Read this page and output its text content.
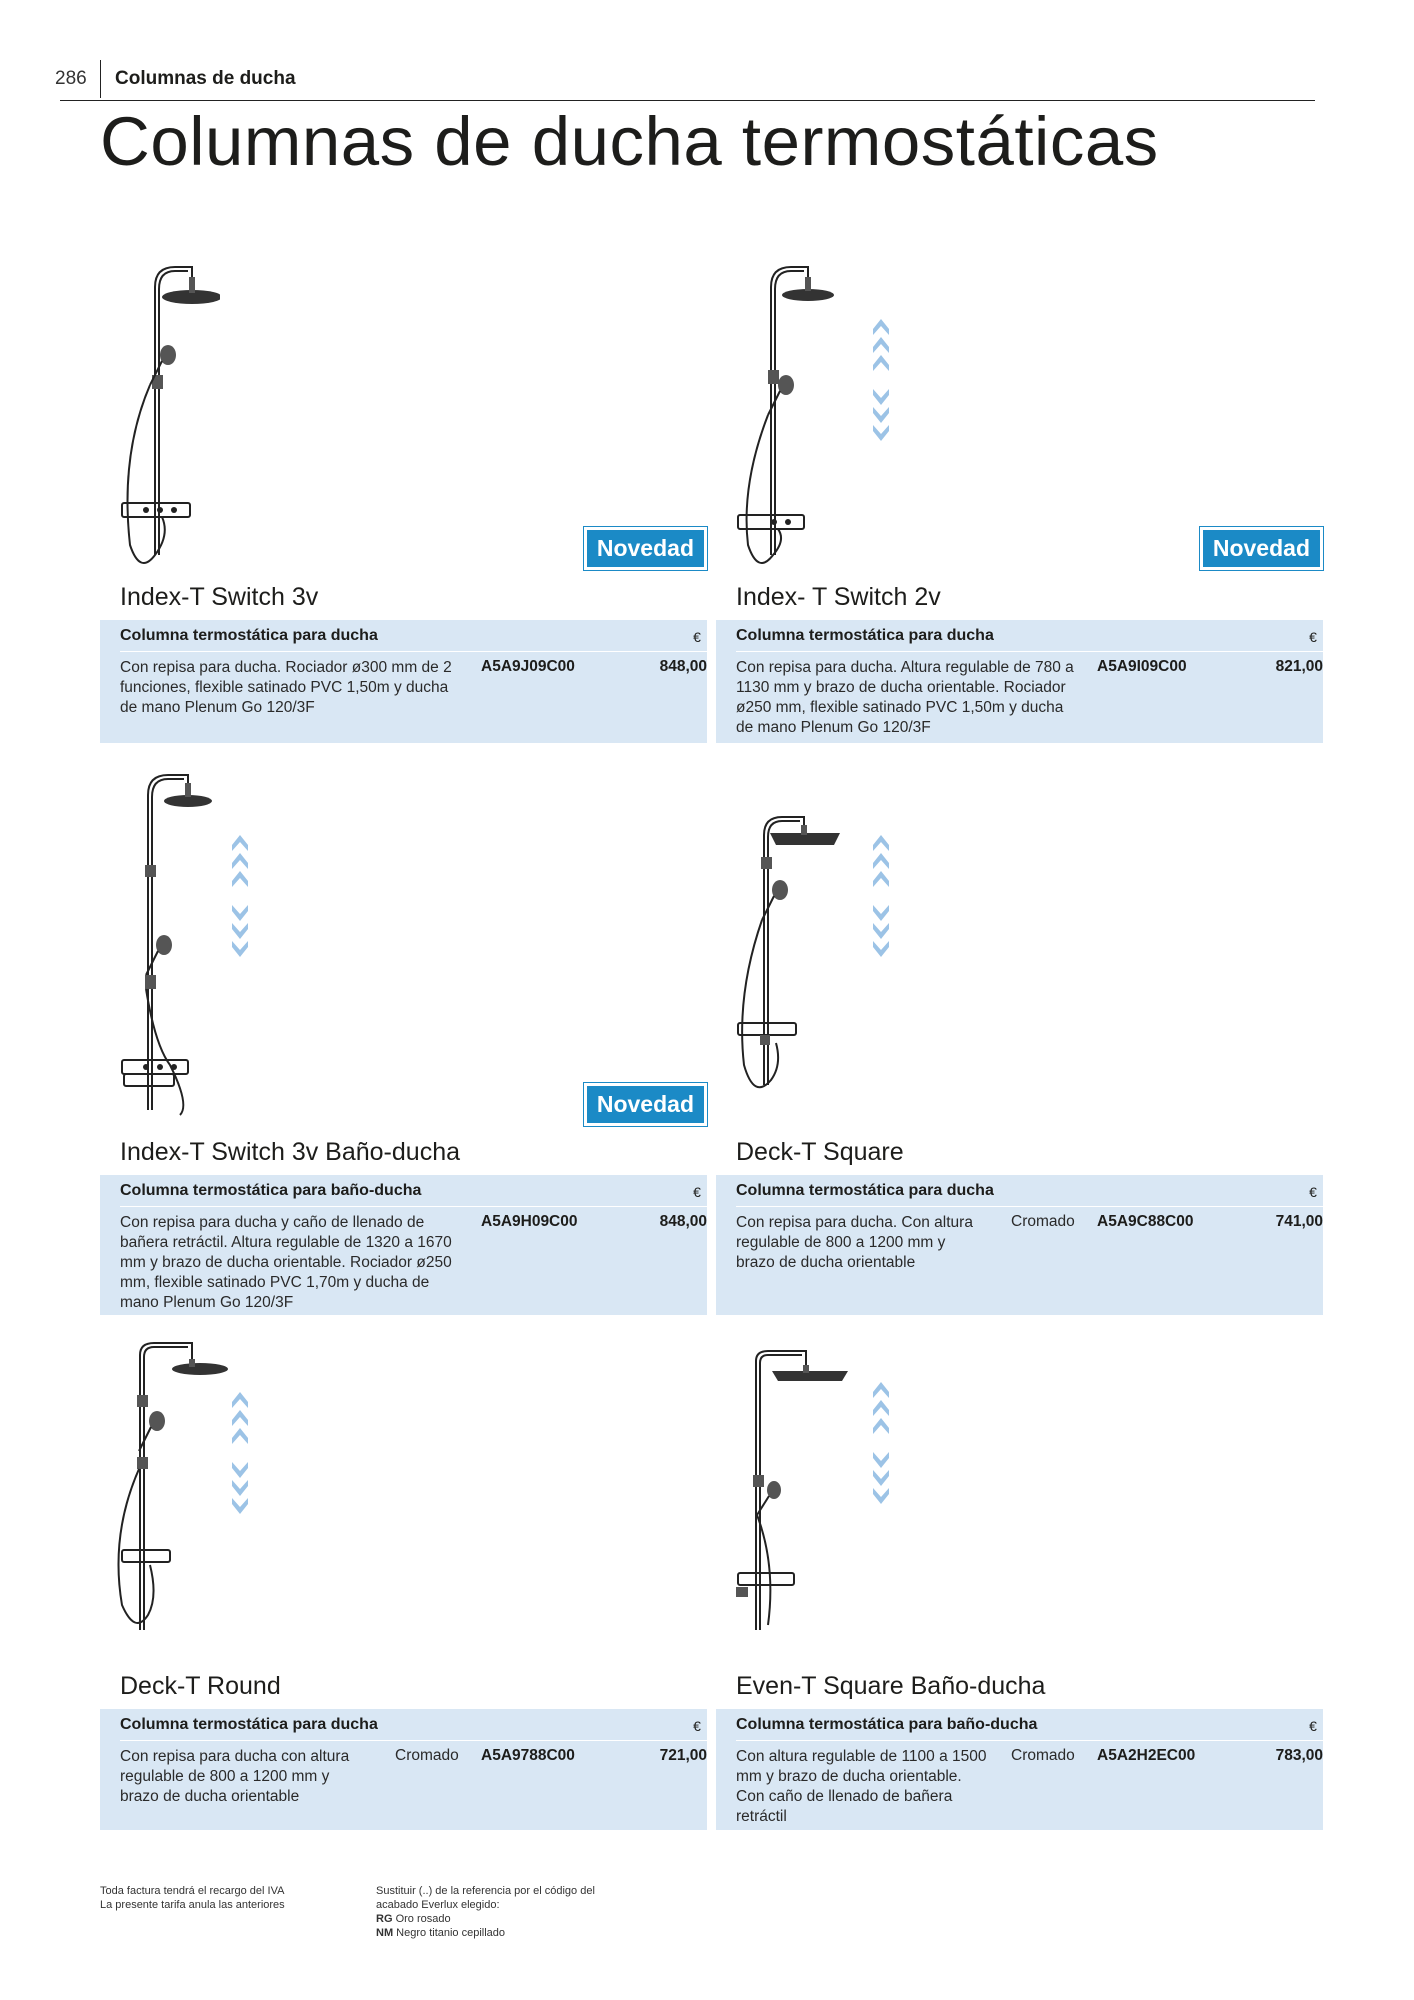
286 Columnas de ducha
Columnas de ducha termostáticas
Novedad
Index-T Switch 3v
Columna termostática para ducha	€
Con repisa para ducha. Rociador ø300 mm de 2 funciones, flexible satinado PVC 1,50m y ducha de mano Plenum Go 120/3F
A5A9J09C00	848,00
Novedad
Index- T Switch 2v
Columna termostática para ducha	€
Con repisa para ducha. Altura regulable de 780 a 1130 mm y brazo de ducha orientable. Rociador ø250 mm, flexible satinado PVC 1,50m y ducha de mano Plenum Go 120/3F
A5A9I09C00	821,00
Novedad
Index-T Switch 3v Baño-ducha
Columna termostática para baño-ducha	€
Con repisa para ducha y caño de llenado de bañera retráctil. Altura regulable de 1320 a 1670 mm y brazo de ducha orientable. Rociador ø250 mm, flexible satinado PVC 1,70m y ducha de mano Plenum Go 120/3F
A5A9H09C00	848,00
Deck-T Square
Columna termostática para ducha	€
Con repisa para ducha. Con altura regulable de 800 a 1200 mm y brazo de ducha orientable
Cromado A5A9C88C00	741,00
Deck-T Round
Columna termostática para ducha	€
Con repisa para ducha con altura regulable de 800 a 1200 mm y brazo de ducha orientable
Cromado A5A9788C00	721,00
Even-T Square Baño-ducha
Columna termostática para baño-ducha	€
Con altura regulable de 1100 a 1500 mm y brazo de ducha orientable. Con caño de llenado de bañera retráctil
Cromado A5A2H2EC00	783,00
Toda factura tendrá el recargo del IVA
La presente tarifa anula las anteriores
Sustituir (..) de la referencia por el código del
acabado Everlux elegido:
RG Oro rosado
NM Negro titanio cepillado
